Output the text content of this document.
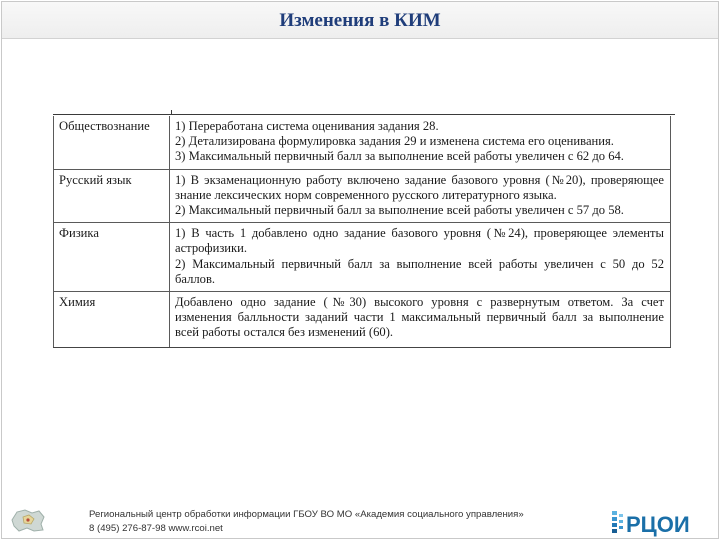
Изменения в КИМ
Обществознание	1) Переработана система оценивания задания 28.
2) Детализирована формулировка задания 29 и изменена система его оценивания.
3) Максимальный первичный балл за выполнение всей работы увеличен с 62 до 64.

Русский язык	1) В экзаменационную работу включено задание базового уровня (№20), проверяющее знание лексических норм современного русского литературного языка.
2) Максимальный первичный балл за выполнение всей работы увеличен с 57 до 58.

Физика	1) В часть 1 добавлено одно задание базового уровня (№24), проверяющее элементы астрофизики.
2) Максимальный первичный балл за выполнение всей работы увеличен с 50 до 52 баллов.

Химия	Добавлено одно задание (№30) высокого уровня с развернутым ответом. За счет изменения балльности заданий части 1 максимальный первичный балл за выполнение всей работы остался без изменений (60).
Региональный центр обработки информации ГБОУ ВО МО «Академия социального управления»
8 (495) 276-87-98 www.rcoi.net	РЦОИ
